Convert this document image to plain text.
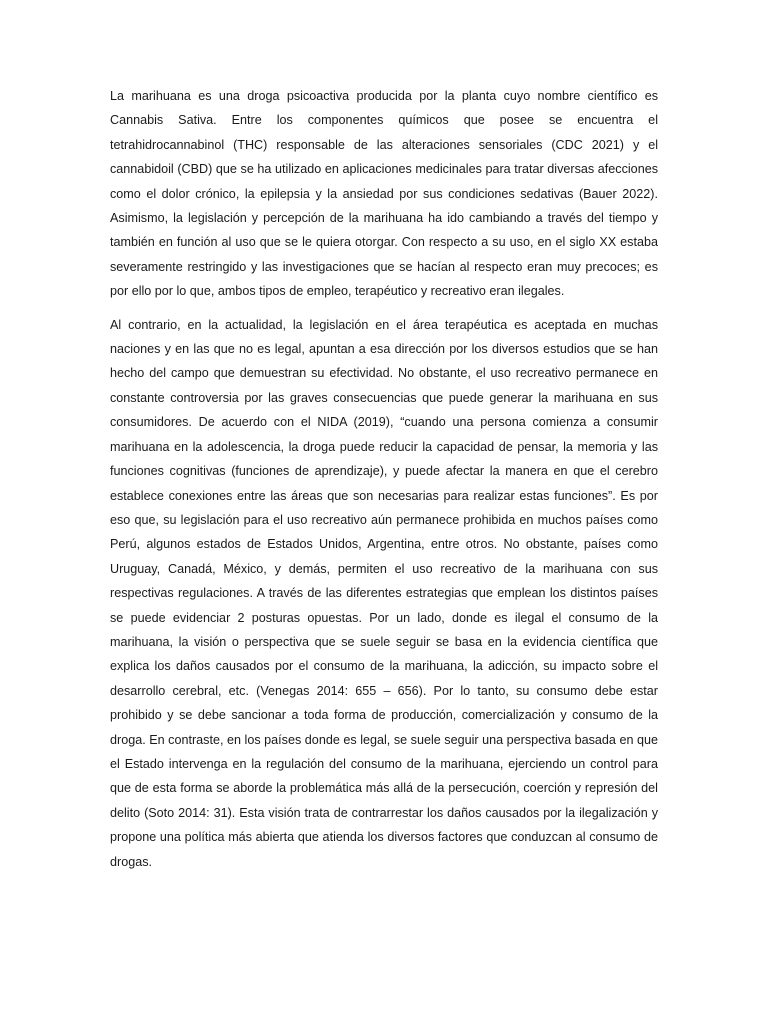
La marihuana es una droga psicoactiva producida por la planta cuyo nombre científico es Cannabis Sativa. Entre los componentes químicos que posee se encuentra el tetrahidrocannabinol (THC) responsable de las alteraciones sensoriales (CDC 2021) y el cannabidoil (CBD) que se ha utilizado en aplicaciones medicinales para tratar diversas afecciones como el dolor crónico, la epilepsia y la ansiedad por sus condiciones sedativas (Bauer 2022). Asimismo, la legislación y percepción de la marihuana ha ido cambiando a través del tiempo y también en función al uso que se le quiera otorgar. Con respecto a su uso, en el siglo XX estaba severamente restringido y las investigaciones que se hacían al respecto eran muy precoces; es por ello por lo que, ambos tipos de empleo, terapéutico y recreativo eran ilegales.

Al contrario, en la actualidad, la legislación en el área terapéutica es aceptada en muchas naciones y en las que no es legal, apuntan a esa dirección por los diversos estudios que se han hecho del campo que demuestran su efectividad. No obstante, el uso recreativo permanece en constante controversia por las graves consecuencias que puede generar la marihuana en sus consumidores. De acuerdo con el NIDA (2019), “cuando una persona comienza a consumir marihuana en la adolescencia, la droga puede reducir la capacidad de pensar, la memoria y las funciones cognitivas (funciones de aprendizaje), y puede afectar la manera en que el cerebro establece conexiones entre las áreas que son necesarias para realizar estas funciones”. Es por eso que, su legislación para el uso recreativo aún permanece prohibida en muchos países como Perú, algunos estados de Estados Unidos, Argentina, entre otros. No obstante, países como Uruguay, Canadá, México, y demás, permiten el uso recreativo de la marihuana con sus respectivas regulaciones. A través de las diferentes estrategias que emplean los distintos países se puede evidenciar 2 posturas opuestas. Por un lado, donde es ilegal el consumo de la marihuana, la visión o perspectiva que se suele seguir se basa en la evidencia científica que explica los daños causados por el consumo de la marihuana, la adicción, su impacto sobre el desarrollo cerebral, etc. (Venegas 2014: 655 – 656). Por lo tanto, su consumo debe estar prohibido y se debe sancionar a toda forma de producción, comercialización y consumo de la droga. En contraste, en los países donde es legal, se suele seguir una perspectiva basada en que el Estado intervenga en la regulación del consumo de la marihuana, ejerciendo un control para que de esta forma se aborde la problemática más allá de la persecución, coerción y represión del delito (Soto 2014: 31). Esta visión trata de contrarrestar los daños causados por la ilegalización y propone una política más abierta que atienda los diversos factores que conduzcan al consumo de drogas.
